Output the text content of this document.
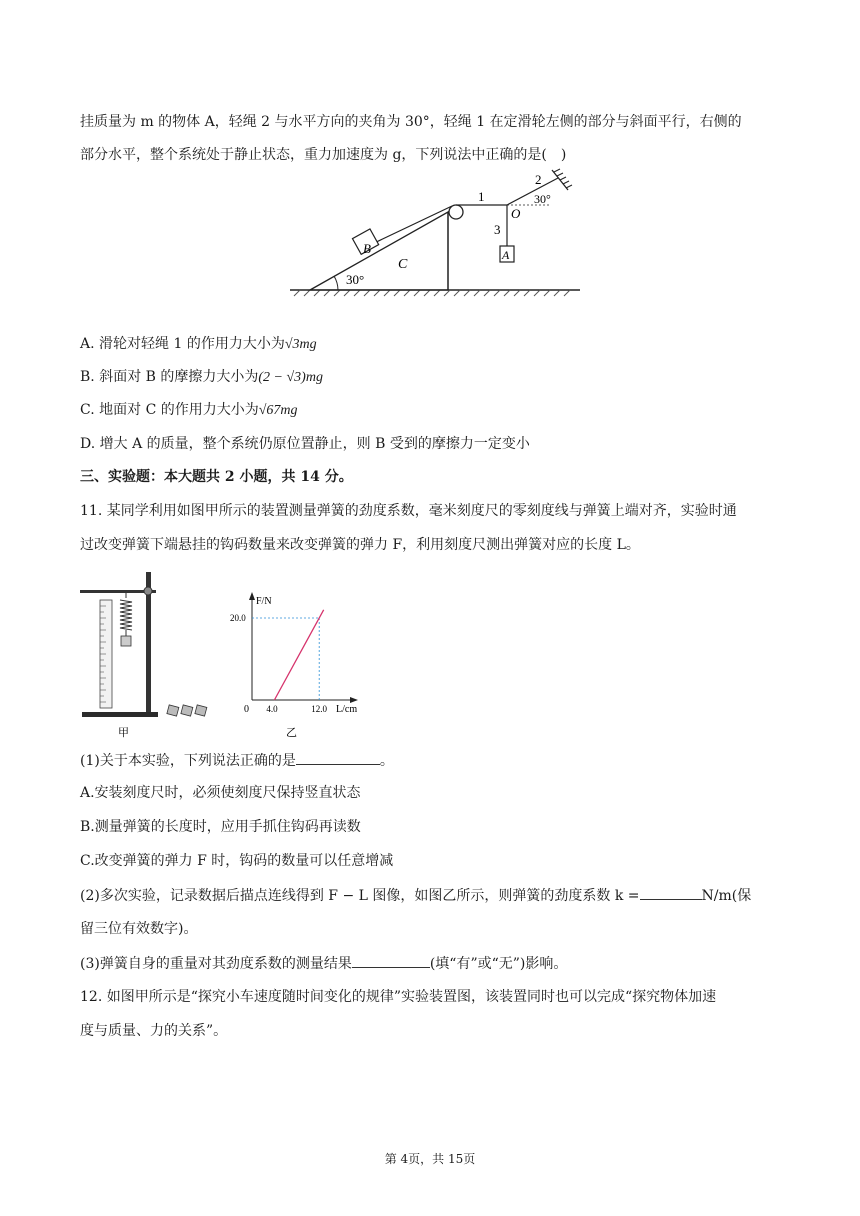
挂质量为 m 的物体 A，轻绳 2 与水平方向的夹角为 30°，轻绳 1 在定滑轮左侧的部分与斜面平行，右侧的
部分水平，整个系统处于静止状态，重力加速度为 g，下列说法中正确的是(　)
30°
C
B
1
O
2
30°
3
A
A. 滑轮对轻绳 1 的作用力大小为√3mg
B. 斜面对 B 的摩擦力大小为(2 − √3)mg
C. 地面对 C 的作用力大小为√67mg
D. 增大 A 的质量，整个系统仍原位置静止，则 B 受到的摩擦力一定变小
三、实验题：本大题共 2 小题，共 14 分。
11. 某同学利用如图甲所示的装置测量弹簧的劲度系数，毫米刻度尺的零刻度线与弹簧上端对齐，实验时通
过改变弹簧下端悬挂的钩码数量来改变弹簧的弹力 F，利用刻度尺测出弹簧对应的长度 L。
甲
F/N
L/cm
0 4.0	12.0
20.0
乙
(1)关于本实验，下列说法正确的是	。
A.安装刻度尺时，必须使刻度尺保持竖直状态
B.测量弹簧的长度时，应用手抓住钩码再读数
C.改变弹簧的弹力 F 时，钩码的数量可以任意增减
(2)多次实验，记录数据后描点连线得到 F − L 图像，如图乙所示，则弹簧的劲度系数 k =	N/m(保
留三位有效数字)。
(3)弹簧自身的重量对其劲度系数的测量结果	(填“有”或“无”)影响。
12. 如图甲所示是“探究小车速度随时间变化的规律”实验装置图，该装置同时也可以完成“探究物体加速
度与质量、力的关系”。
第 4页，共 15页
